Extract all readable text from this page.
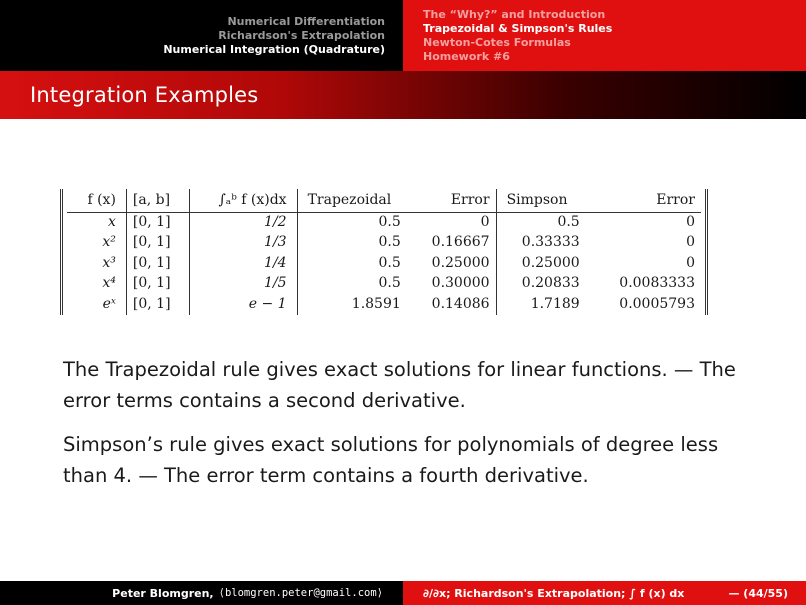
Numerical Differentiation
Richardson's Extrapolation
Numerical Integration (Quadrature)
The “Why?” and Introduction
Trapezoidal & Simpson's Rules
Newton-Cotes Formulas
Homework #6
Integration Examples
f (x)	[a, b]	∫ₐᵇ f (x)dx	Trapezoidal	Error	Simpson	Error
x	[0, 1]	1/2	0.5	0	0.5	0
x²	[0, 1]	1/3	0.5	0.16667	0.33333	0
x³	[0, 1]	1/4	0.5	0.25000	0.25000	0
x⁴	[0, 1]	1/5	0.5	0.30000	0.20833	0.0083333
eˣ	[0, 1]	e − 1	1.8591	0.14086	1.7189	0.0005793

The Trapezoidal rule gives exact solutions for linear functions. — The error terms contains a second derivative.

Simpson’s rule gives exact solutions for polynomials of degree less than 4. — The error term contains a fourth derivative.

Peter Blomgren, ⟨blomgren.peter@gmail.com⟩	∂/∂x; Richardson's Extrapolation; ∫ f (x) dx	— (44/55)
